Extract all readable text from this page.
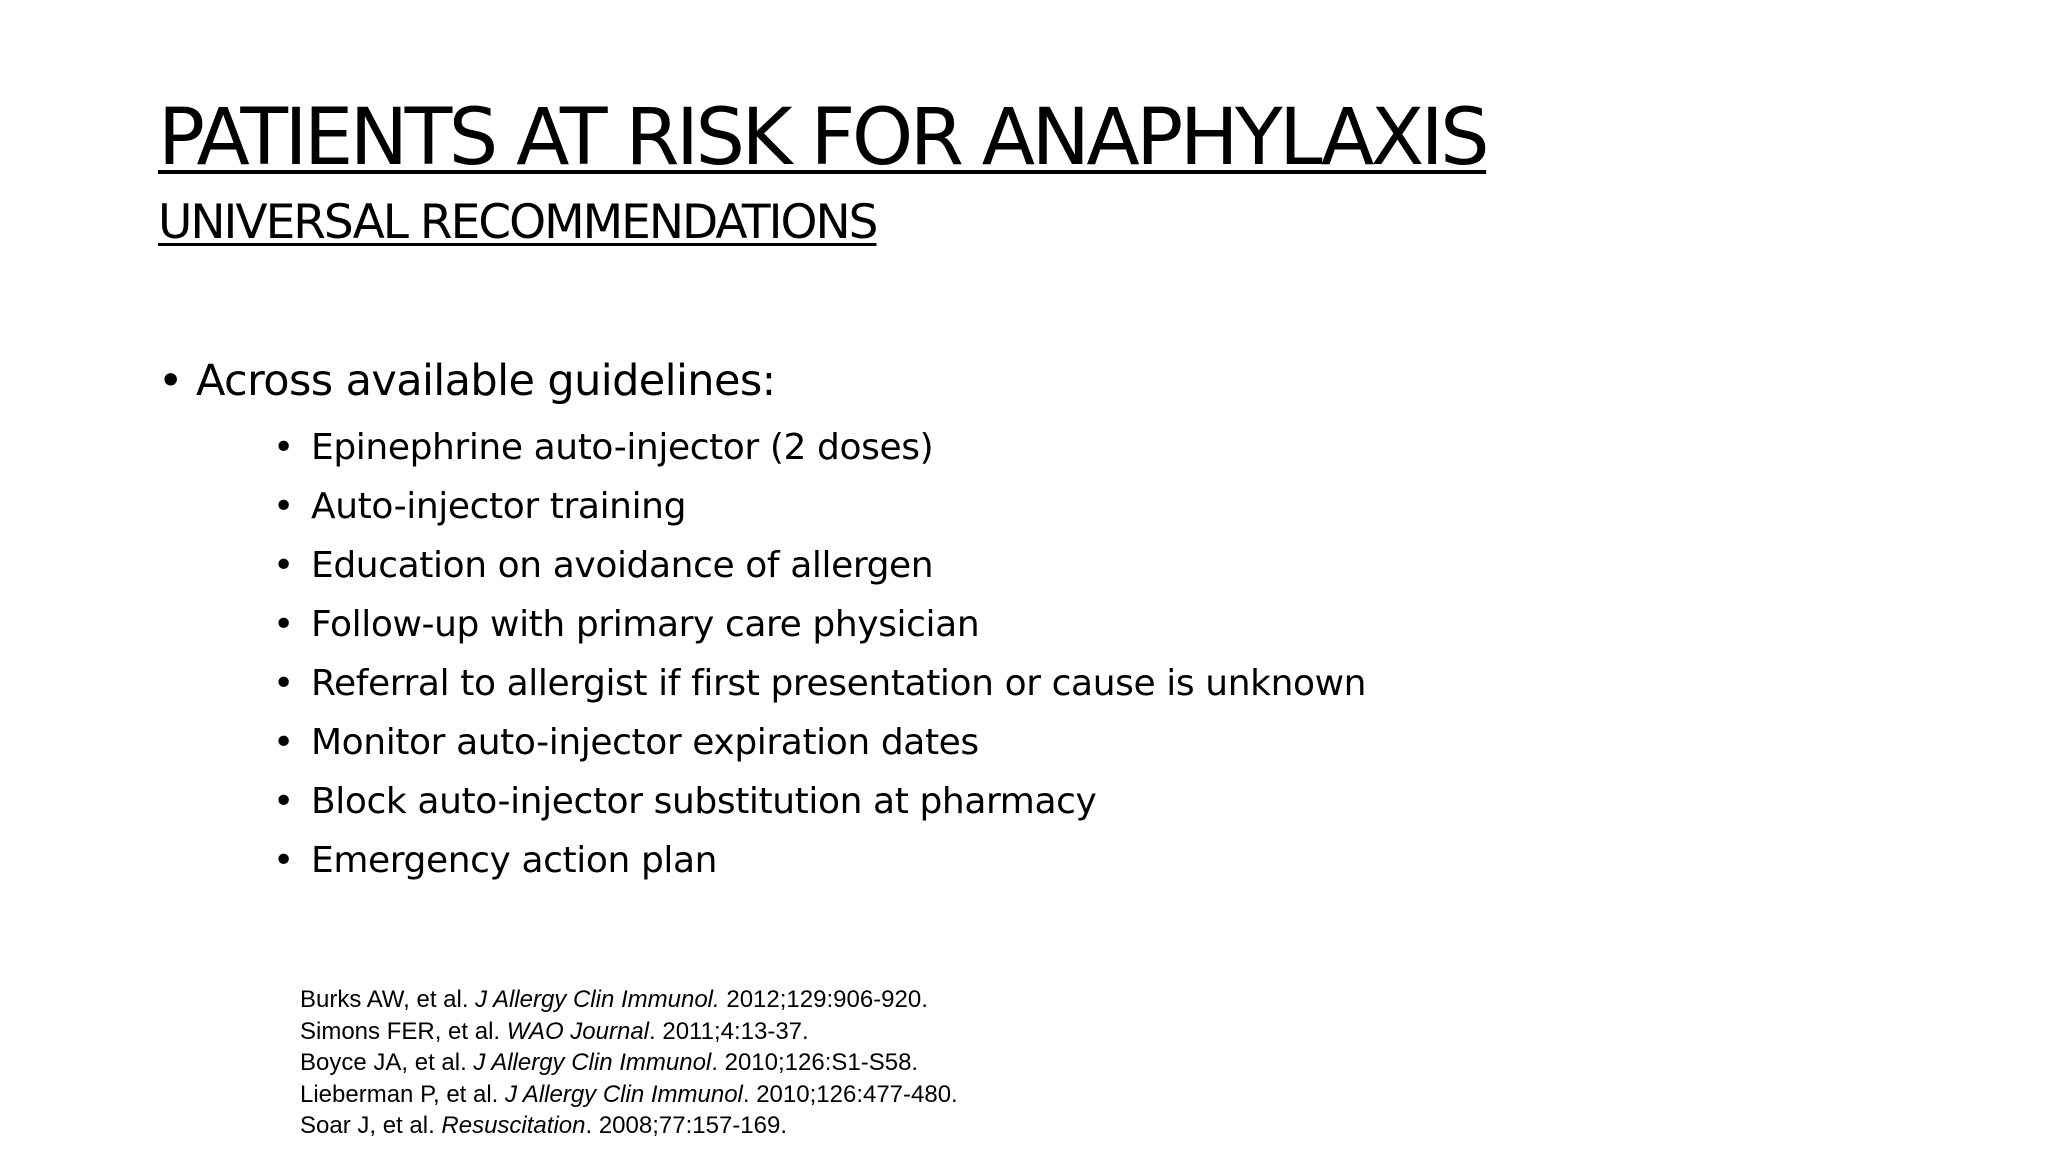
PATIENTS AT RISK FOR ANAPHYLAXIS
UNIVERSAL RECOMMENDATIONS
• Across available guidelines:
• Epinephrine auto-injector (2 doses)
• Auto-injector training
• Education on avoidance of allergen
• Follow-up with primary care physician
• Referral to allergist if first presentation or cause is unknown
• Monitor auto-injector expiration dates
• Block auto-injector substitution at pharmacy
• Emergency action plan
Burks AW, et al. J Allergy Clin Immunol. 2012;129:906-920.
Simons FER, et al. WAO Journal. 2011;4:13-37.
Boyce JA, et al. J Allergy Clin Immunol. 2010;126:S1-S58.
Lieberman P, et al. J Allergy Clin Immunol. 2010;126:477-480.
Soar J, et al. Resuscitation. 2008;77:157-169.
